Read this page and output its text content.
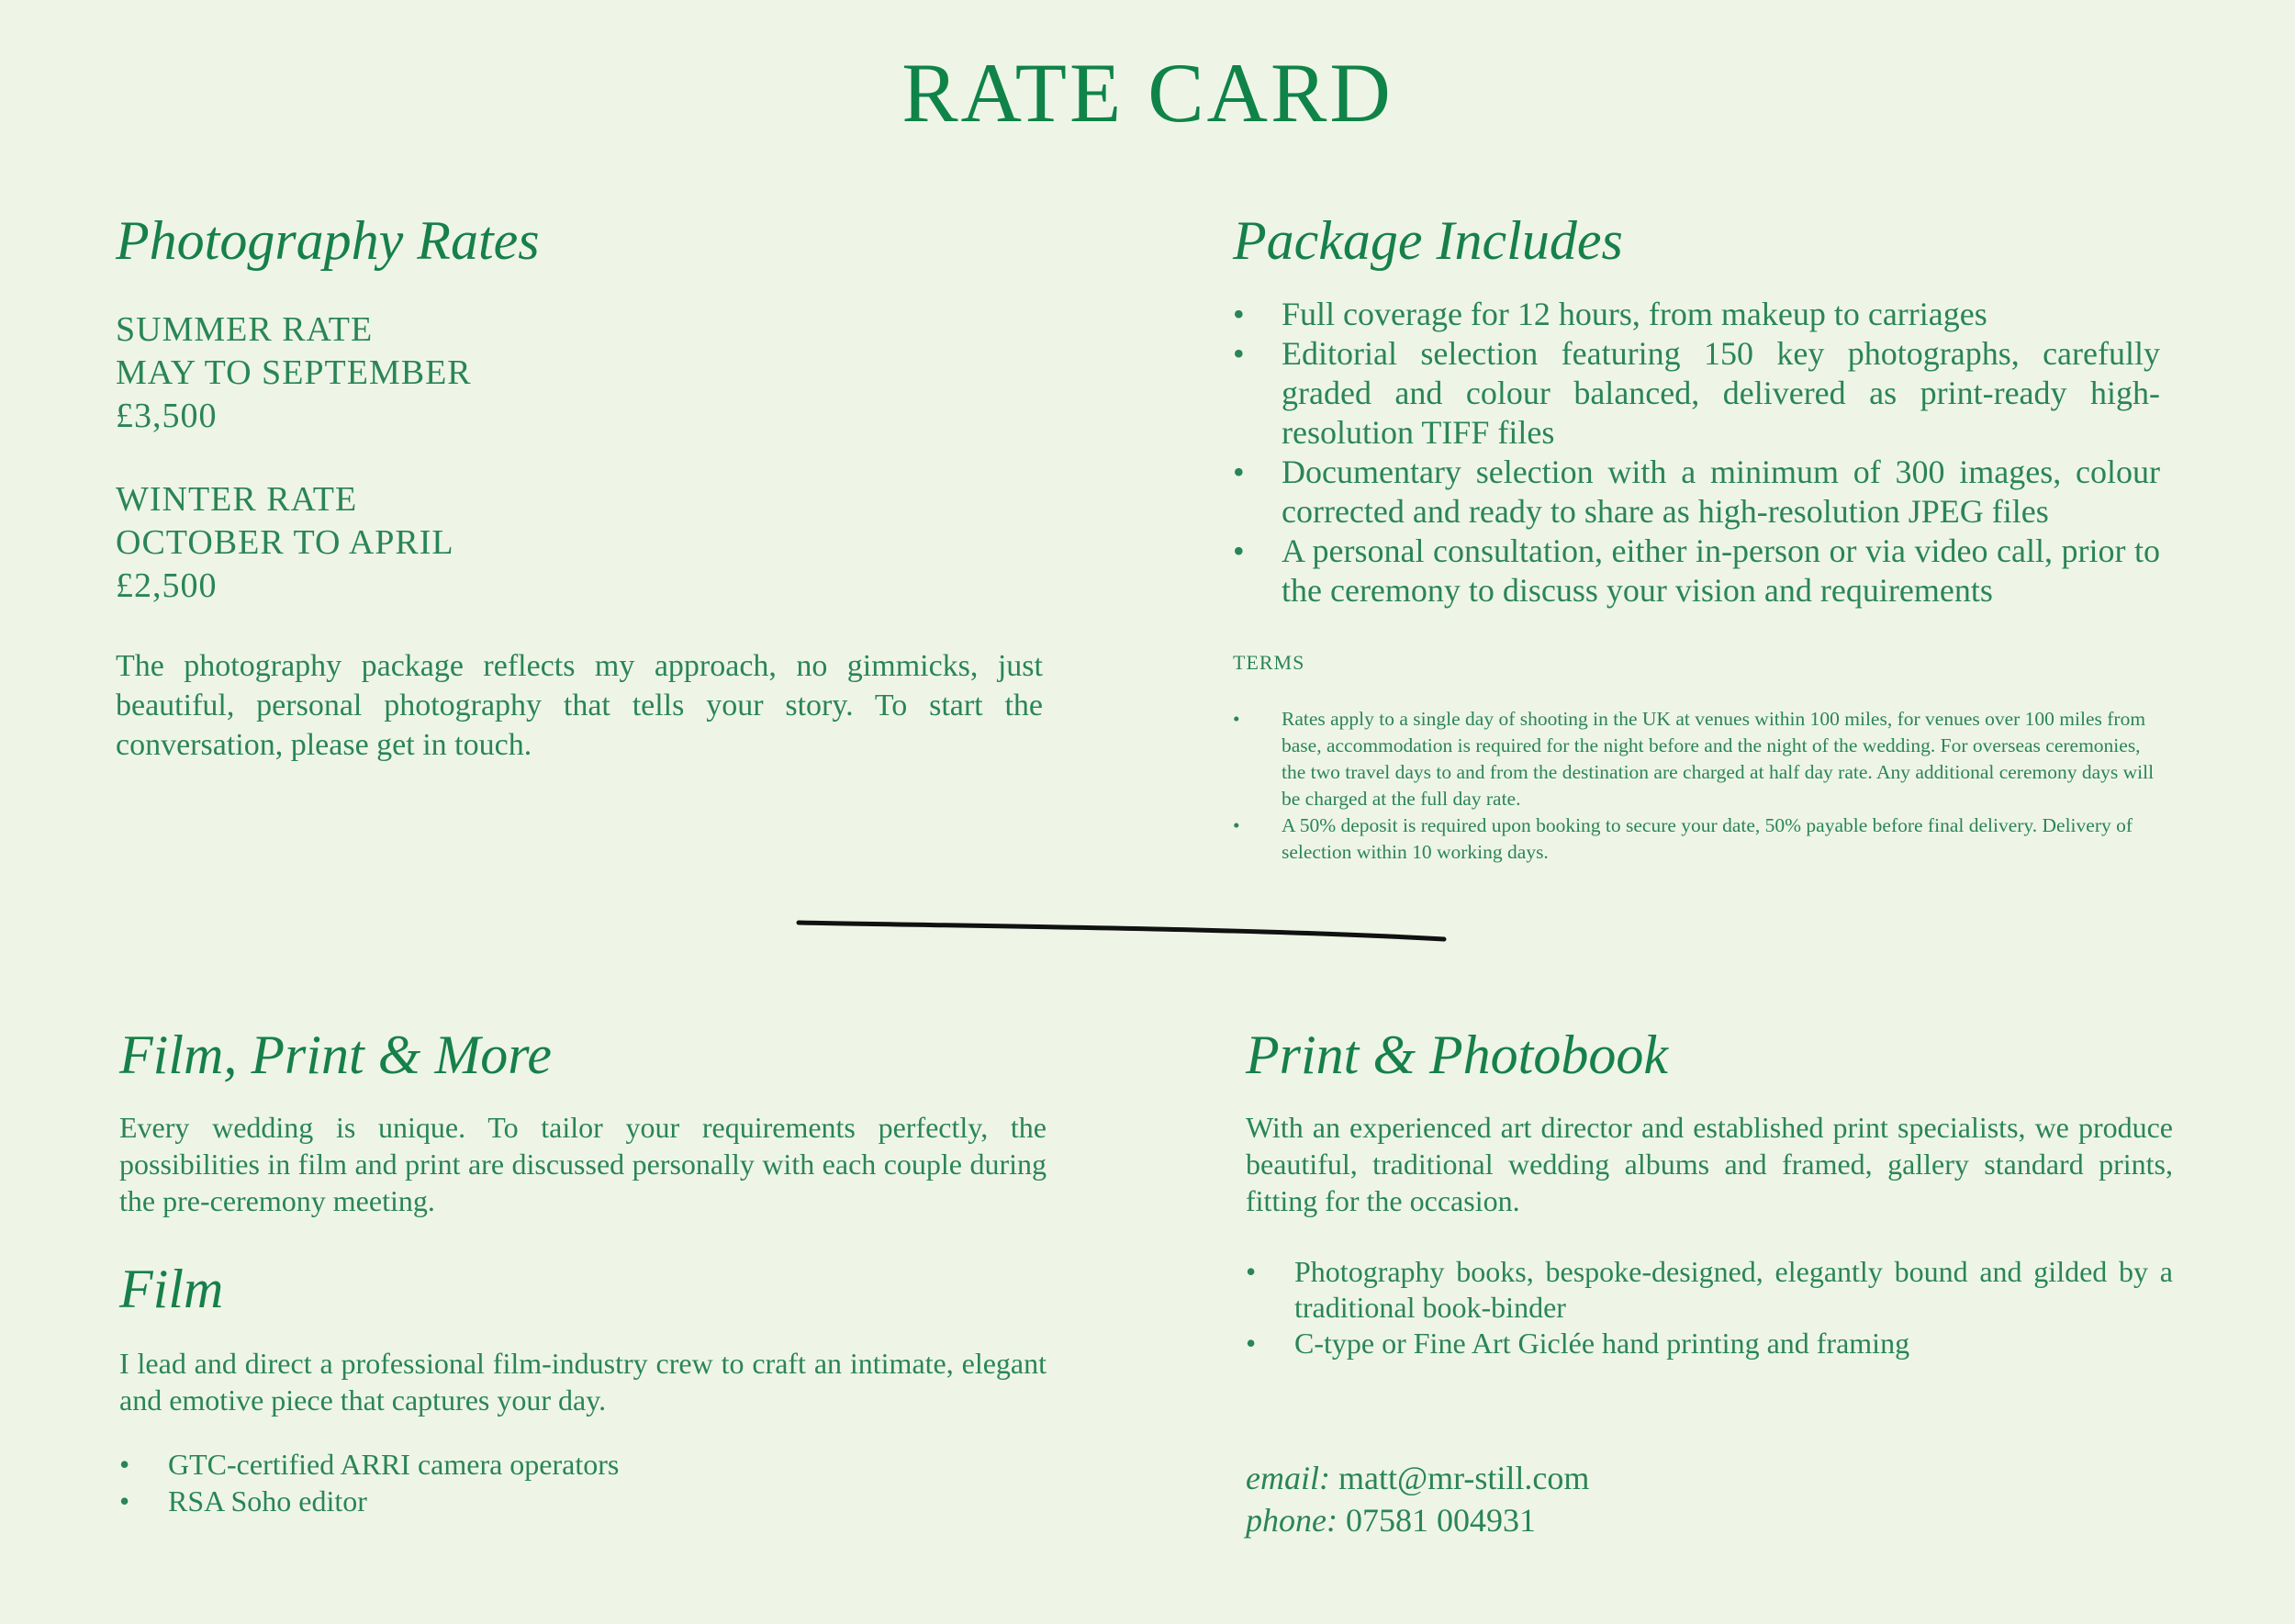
RATE CARD
Photography Rates
SUMMER RATE
MAY TO SEPTEMBER
£3,500
WINTER RATE
OCTOBER TO APRIL
£2,500

The photography package reflects my approach, no gimmicks, just beautiful, personal photography that tells your story. To start the conversation, please get in touch.

Package Includes
• Full coverage for 12 hours, from makeup to carriages
• Editorial selection featuring 150 key photographs, carefully graded and colour balanced, delivered as print-ready high-resolution TIFF files
• Documentary selection with a minimum of 300 images, colour corrected and ready to share as high-resolution JPEG files
• A personal consultation, either in-person or via video call, prior to the ceremony to discuss your vision and requirements
TERMS
• Rates apply to a single day of shooting in the UK at venues within 100 miles, for venues over 100 miles from base, accommodation is required for the night before and the night of the wedding. For overseas ceremonies, the two travel days to and from the destination are charged at half day rate. Any additional ceremony days will be charged at the full day rate.
• A 50% deposit is required upon booking to secure your date, 50% payable before final delivery. Delivery of selection within 10 working days.
Film, Print & More

Every wedding is unique. To tailor your requirements perfectly, the possibilities in film and print are discussed personally with each couple during the pre-ceremony meeting.

Film

I lead and direct a professional film-industry crew to craft an intimate, elegant and emotive piece that captures your day.

• GTC-certified ARRI camera operators
• RSA Soho editor
Print & Photobook

With an experienced art director and established print specialists, we produce beautiful, traditional wedding albums and framed, gallery standard prints, fitting for the occasion.

• Photography books, bespoke-designed, elegantly bound and gilded by a traditional book-binder
• C-type or Fine Art Giclée hand printing and framing
email: matt@mr-still.com
phone: 07581 004931
